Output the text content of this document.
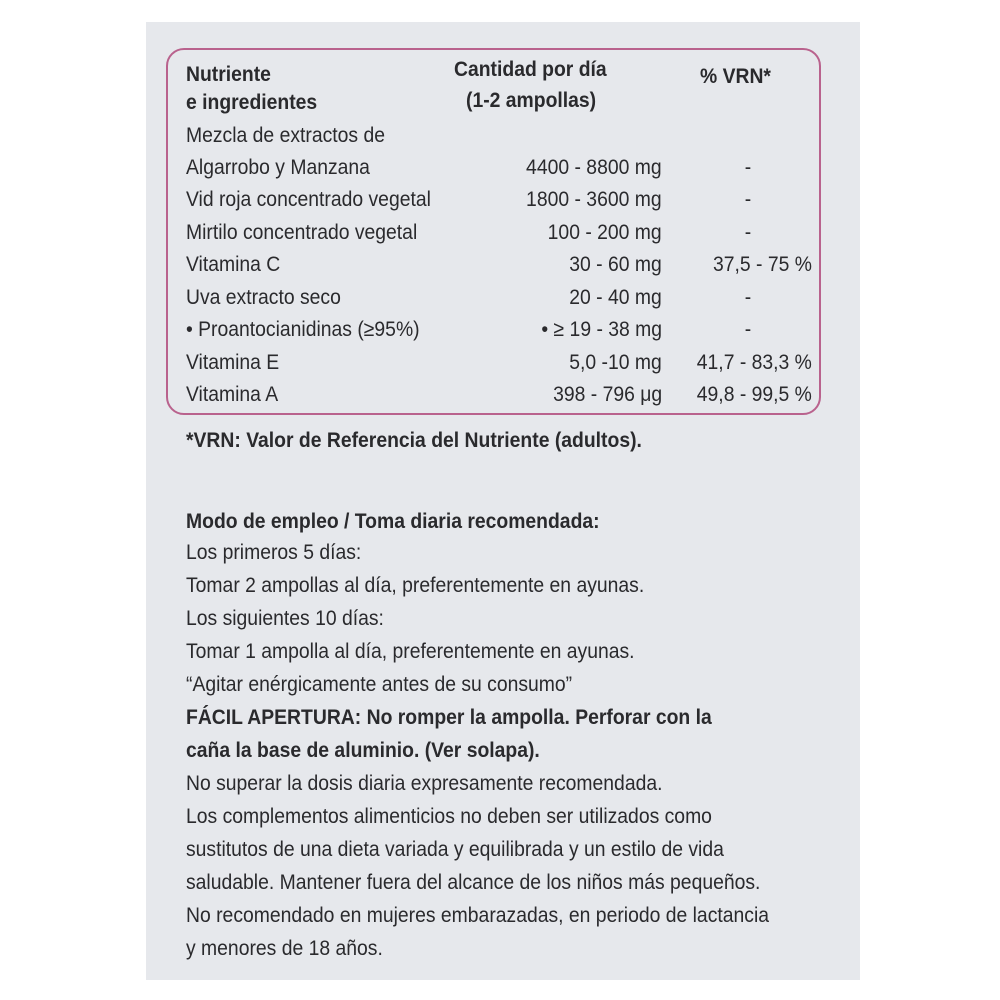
Nutriente
e ingredientes
Cantidad por día
(1-2 ampollas)
% VRN*
Mezcla de extractos de
Algarrobo y Manzana
Vid roja concentrado vegetal
Mirtilo concentrado vegetal
Vitamina C
Uva extracto seco
• Proantocianidinas (≥95%)
Vitamina E
Vitamina A
4400 - 8800 mg
1800 - 3600 mg
100 - 200 mg
30 - 60 mg
20 - 40 mg
• ≥ 19 - 38 mg
5,0 -10 mg
398 - 796 μg
-
-
-
37,5 - 75 %
-
-
41,7 - 83,3 %
49,8 - 99,5 %
*VRN: Valor de Referencia del Nutriente (adultos).
Modo de empleo / Toma diaria recomendada:
Los primeros 5 días:
Tomar 2 ampollas al día, preferentemente en ayunas.
Los siguientes 10 días:
Tomar 1 ampolla al día, preferentemente en ayunas.
“Agitar enérgicamente antes de su consumo”
FÁCIL APERTURA: No romper la ampolla. Perforar con la
caña la base de aluminio. (Ver solapa).
No superar la dosis diaria expresamente recomendada.
Los complementos alimenticios no deben ser utilizados como
sustitutos de una dieta variada y equilibrada y un estilo de vida
saludable. Mantener fuera del alcance de los niños más pequeños.
No recomendado en mujeres embarazadas, en periodo de lactancia
y menores de 18 años.
